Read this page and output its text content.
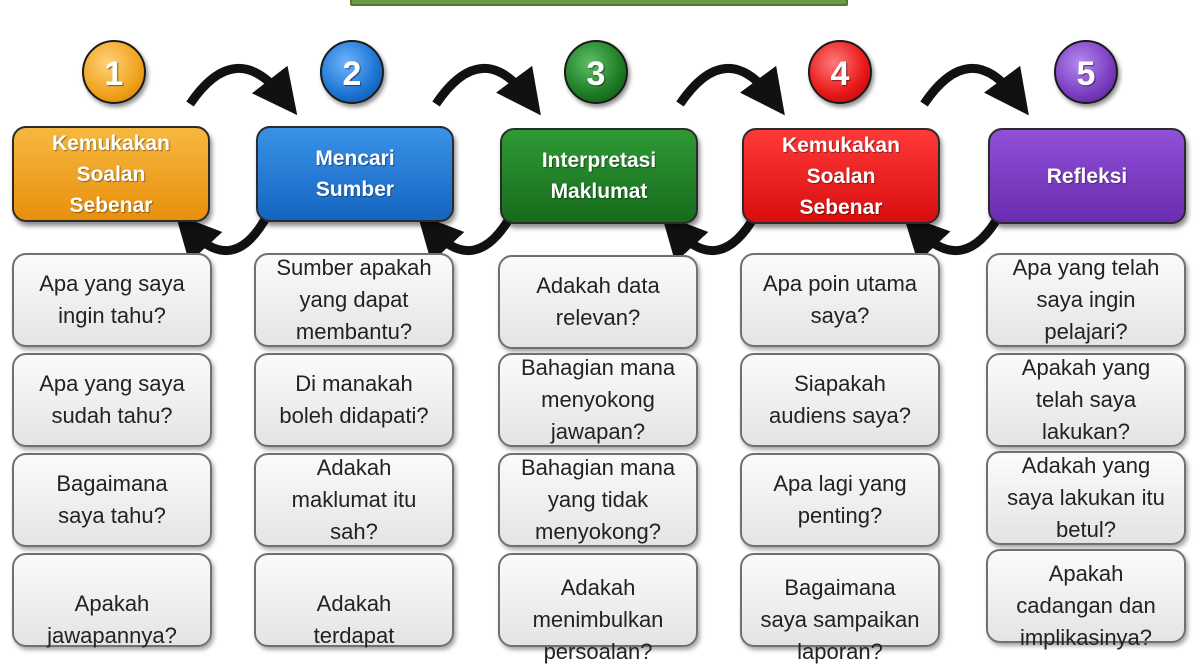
1
Kemukakan
Soalan
Sebenar
Apa yang saya
ingin tahu?
Apa yang saya
sudah tahu?
Bagaimana
saya tahu?
Apakah
jawapannya?
2
Mencari
Sumber
Sumber apakah
yang dapat
membantu?
Di manakah
boleh didapati?
Adakah
maklumat itu
sah?
Adakah
terdapat
3
Interpretasi
Maklumat
Adakah data
relevan?
Bahagian mana
menyokong
jawapan?
Bahagian mana
yang tidak
menyokong?
Adakah
menimbulkan
persoalan?
4
Kemukakan
Soalan
Sebenar
Apa poin utama
saya?
Siapakah
audiens saya?
Apa lagi yang
penting?
Bagaimana
saya sampaikan
laporan?
5
Refleksi
Apa yang telah
saya ingin
pelajari?
Apakah yang
telah saya
lakukan?
Adakah yang
saya lakukan itu
betul?
Apakah
cadangan dan
implikasinya?
